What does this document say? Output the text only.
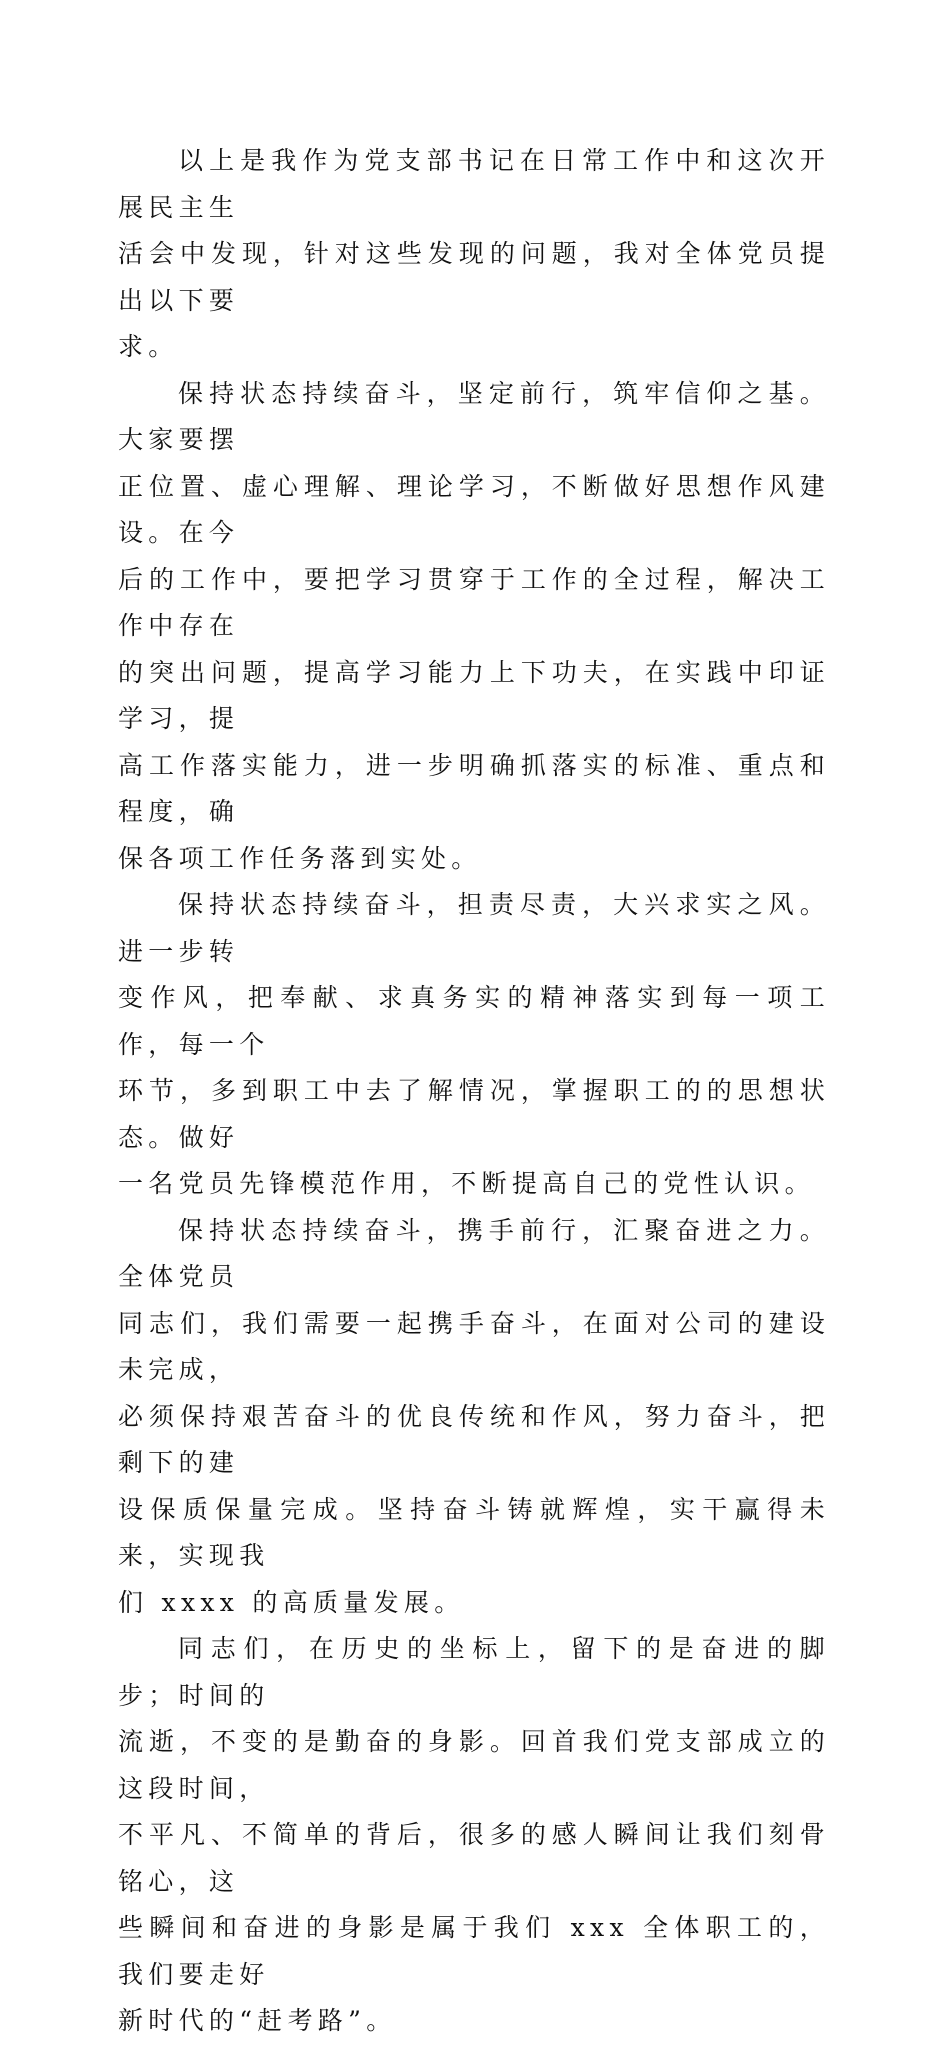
以上是我作为党支部书记在日常工作中和这次开展民主生
活会中发现，针对这些发现的问题，我对全体党员提出以下要
求。

保持状态持续奋斗，坚定前行，筑牢信仰之基。大家要摆
正位置、虚心理解、理论学习，不断做好思想作风建设。在今
后的工作中，要把学习贯穿于工作的全过程，解决工作中存在
的突出问题，提高学习能力上下功夫，在实践中印证学习，提
高工作落实能力，进一步明确抓落实的标准、重点和程度，确
保各项工作任务落到实处。

保持状态持续奋斗，担责尽责，大兴求实之风。进一步转
变作风，把奉献、求真务实的精神落实到每一项工作，每一个
环节，多到职工中去了解情况，掌握职工的的思想状态。做好
一名党员先锋模范作用，不断提高自己的党性认识。

保持状态持续奋斗，携手前行，汇聚奋进之力。全体党员
同志们，我们需要一起携手奋斗，在面对公司的建设未完成，
必须保持艰苦奋斗的优良传统和作风，努力奋斗，把剩下的建
设保质保量完成。坚持奋斗铸就辉煌，实干赢得未来，实现我
们 xxxx 的高质量发展。

同志们，在历史的坐标上，留下的是奋进的脚步；时间的
流逝，不变的是勤奋的身影。回首我们党支部成立的这段时间，
不平凡、不简单的背后，很多的感人瞬间让我们刻骨铭心，这
些瞬间和奋进的身影是属于我们 xxx 全体职工的，我们要走好
新时代的“赶考路”。
